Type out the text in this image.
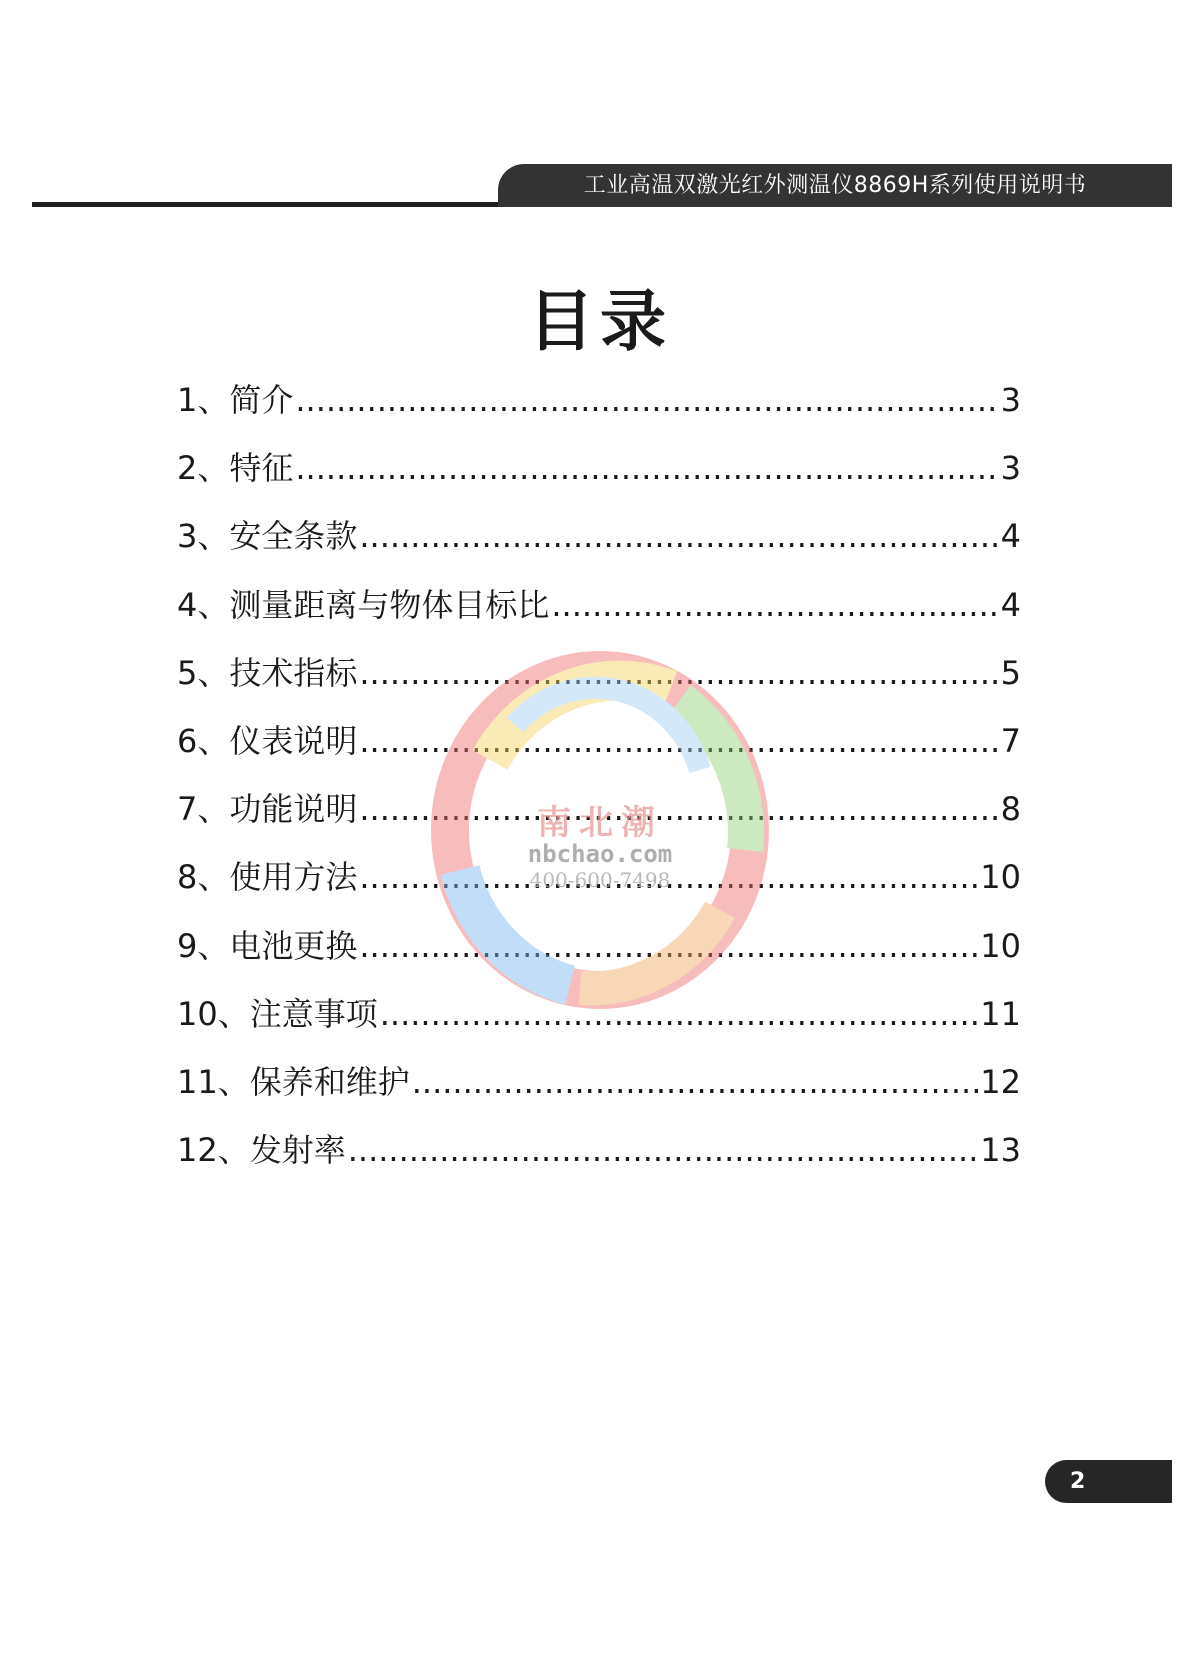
工业高温双激光红外测温仪8869H系列使用说明书
目录
1、简介 .....	3
2、特征 .....	3
3、安全条款 .....	4
4、测量距离与物体目标比 .....	4
5、技术指标 .....	5
6、仪表说明 .....	7
7、功能说明 .....	8
8、使用方法 .....	10
9、电池更换 .....	10
10、注意事项 .....	11
11、保养和维护 .....	12
12、发射率 .....	13
南北潮
nbchao.com
400-600-7498
2
